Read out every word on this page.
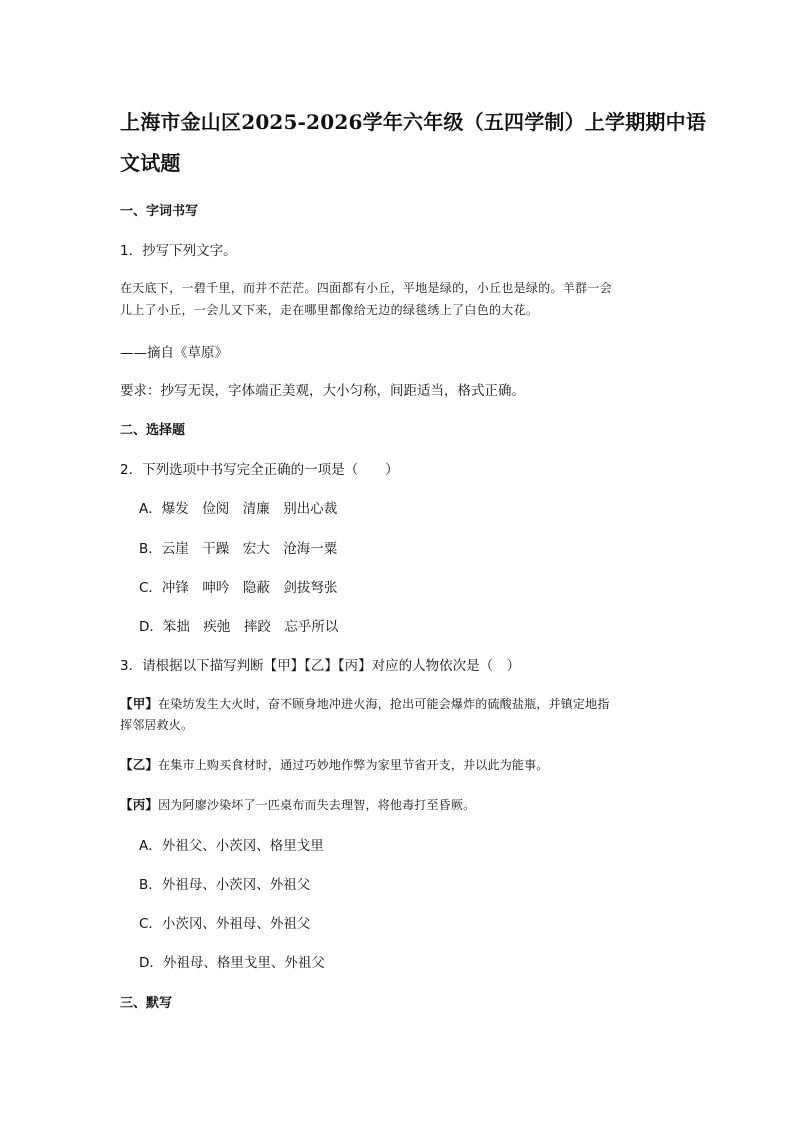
上海市金山区2025-2026学年六年级（五四学制）上学期期中语
文试题
一、字词书写
1．抄写下列文字。
在天底下，一碧千里，而并不茫茫。四面都有小丘，平地是绿的，小丘也是绿的。羊群一会
儿上了小丘，一会儿又下来，走在哪里都像给无边的绿毯绣上了白色的大花。
——摘自《草原》
要求：抄写无误，字体端正美观，大小匀称，间距适当，格式正确。
二、选择题
2．下列选项中书写完全正确的一项是（　　）
A．爆发　俭阅　清廉　别出心裁
B．云崖　干躁　宏大　沧海一粟
C．冲锋　呻吟　隐蔽　剑拔弩张
D．笨拙　疾弛　摔跤　忘乎所以
3．请根据以下描写判断【甲】【乙】【丙】对应的人物依次是（　）
【甲】在染坊发生大火时，奋不顾身地冲进火海，抢出可能会爆炸的硫酸盐瓶，并镇定地指
挥邻居救火。
【乙】在集市上购买食材时，通过巧妙地作弊为家里节省开支，并以此为能事。
【丙】因为阿廖沙染坏了一匹桌布而失去理智，将他毒打至昏厥。
A．外祖父、小茨冈、格里戈里
B．外祖母、小茨冈、外祖父
C．小茨冈、外祖母、外祖父
D．外祖母、格里戈里、外祖父
三、默写
